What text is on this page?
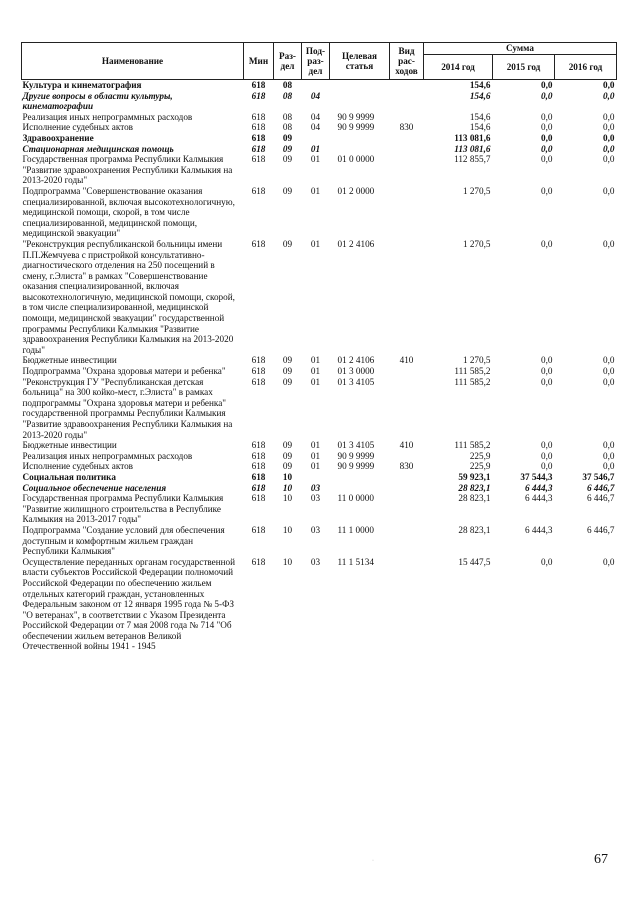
Наименование	Мин	Раз-дел	Под-раз-дел	Целевая статья	Вид рас-ходов	Сумма		
						2014 год	2015 год	2016 год
Культура и кинематография	618	08				154,6	0,0	0,0
Другие вопросы в области культуры, кинематографии	618	08	04			154,6	0,0	0,0
Реализация иных непрограммных расходов	618	08	04	90 9 9999		154,6	0,0	0,0
Исполнение судебных актов	618	08	04	90 9 9999	830	154,6	0,0	0,0
Здравоохранение	618	09				113 081,6	0,0	0,0
Стационарная медицинская помощь	618	09	01			113 081,6	0,0	0,0
Государственная программа Республики Калмыкия "Развитие здравоохранения Республики Калмыкия на 2013-2020 годы"	618	09	01	01 0 0000		112 855,7	0,0	0,0
Подпрограмма "Совершенствование оказания специализированной, включая высокотехнологичную, медицинской помощи, скорой, в том числе специализированной, медицинской помощи, медицинской эвакуации"	618	09	01	01 2 0000		1 270,5	0,0	0,0
"Реконструкция республиканской больницы имени П.П.Жемчуева с пристройкой консультативно-диагностического отделения на 250 посещений в смену, г.Элиста" в рамках "Совершенствование оказания специализированной, включая высокотехнологичную, медицинской помощи, скорой, в том числе специализированной, медицинской помощи, медицинской эвакуации" государственной программы Республики Калмыкия "Развитие здравоохранения Республики Калмыкия на 2013-2020 годы"	618	09	01	01 2 4106		1 270,5	0,0	0,0
Бюджетные инвестиции	618	09	01	01 2 4106	410	1 270,5	0,0	0,0
Подпрограмма "Охрана здоровья матери и ребенка"	618	09	01	01 3 0000		111 585,2	0,0	0,0
"Реконструкция ГУ "Республиканская детская больница" на 300 койко-мест, г.Элиста" в рамках подпрограммы "Охрана здоровья матери и ребенка" государственной программы Республики Калмыкия "Развитие здравоохранения Республики Калмыкия на 2013-2020 годы"	618	09	01	01 3 4105		111 585,2	0,0	0,0
Бюджетные инвестиции	618	09	01	01 3 4105	410	111 585,2	0,0	0,0
Реализация иных непрограммных расходов	618	09	01	90 9 9999		225,9	0,0	0,0
Исполнение судебных актов	618	09	01	90 9 9999	830	225,9	0,0	0,0
Социальная политика	618	10				59 923,1	37 544,3	37 546,7
Социальное обеспечение населения	618	10	03			28 823,1	6 444,3	6 446,7
Государственная программа Республики Калмыкия "Развитие жилищного строительства в Республике Калмыкия на 2013-2017 годы"	618	10	03	11 0 0000		28 823,1	6 444,3	6 446,7
Подпрограмма "Создание условий для обеспечения доступным и комфортным жильем граждан Республики Калмыкия"	618	10	03	11 1 0000		28 823,1	6 444,3	6 446,7
Осуществление переданных органам государственной власти субъектов Российской Федерации полномочий Российской Федерации по обеспечению жильем отдельных категорий граждан, установленных Федеральным законом от 12 января 1995 года № 5-ФЗ "О ветеранах", в соответствии с Указом Президента Российской Федерации от 7 мая 2008 года № 714 "Об обеспечении жильем ветеранов Великой Отечественной войны 1941 - 1945	618	10	03	11 1 5134		15 447,5	0,0	0,0
·	67
